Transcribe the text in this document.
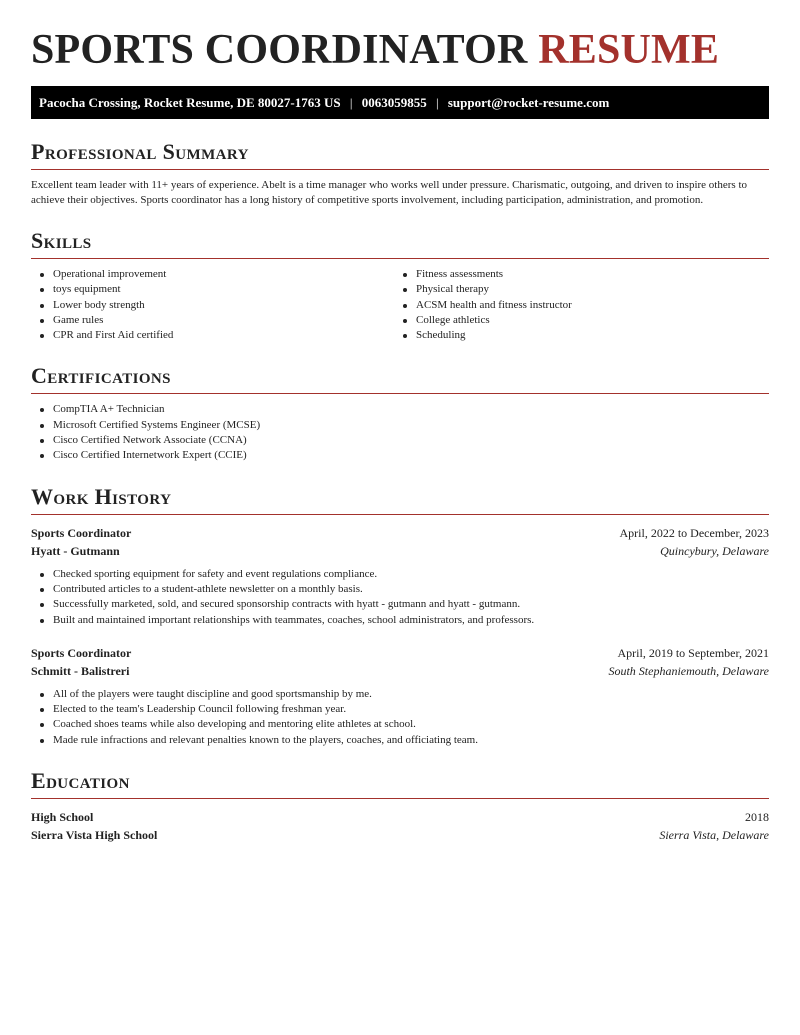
SPORTS COORDINATOR RESUME
Pacocha Crossing, Rocket Resume, DE 80027-1763 US | 0063059855 | support@rocket-resume.com
Professional Summary

Excellent team leader with 11+ years of experience. Abelt is a time manager who works well under pressure. Charismatic, outgoing, and driven to inspire others to achieve their objectives. Sports coordinator has a long history of competitive sports involvement, including participation, administration, and promotion.

Skills
Operational improvement
toys equipment
Lower body strength
Game rules
CPR and First Aid certified
Fitness assessments
Physical therapy
ACSM health and fitness instructor
College athletics
Scheduling
Certifications
CompTIA A+ Technician
Microsoft Certified Systems Engineer (MCSE)
Cisco Certified Network Associate (CCNA)
Cisco Certified Internetwork Expert (CCIE)
Work History
Sports Coordinator	April, 2022 to December, 2023
Hyatt - Gutmann	Quincybury, Delaware
Checked sporting equipment for safety and event regulations compliance.
Contributed articles to a student-athlete newsletter on a monthly basis.
Successfully marketed, sold, and secured sponsorship contracts with hyatt - gutmann and hyatt - gutmann.
Built and maintained important relationships with teammates, coaches, school administrators, and professors.
Sports Coordinator	April, 2019 to September, 2021
Schmitt - Balistreri	South Stephaniemouth, Delaware
All of the players were taught discipline and good sportsmanship by me.
Elected to the team's Leadership Council following freshman year.
Coached shoes teams while also developing and mentoring elite athletes at school.
Made rule infractions and relevant penalties known to the players, coaches, and officiating team.
Education
High School	2018
Sierra Vista High School	Sierra Vista, Delaware
